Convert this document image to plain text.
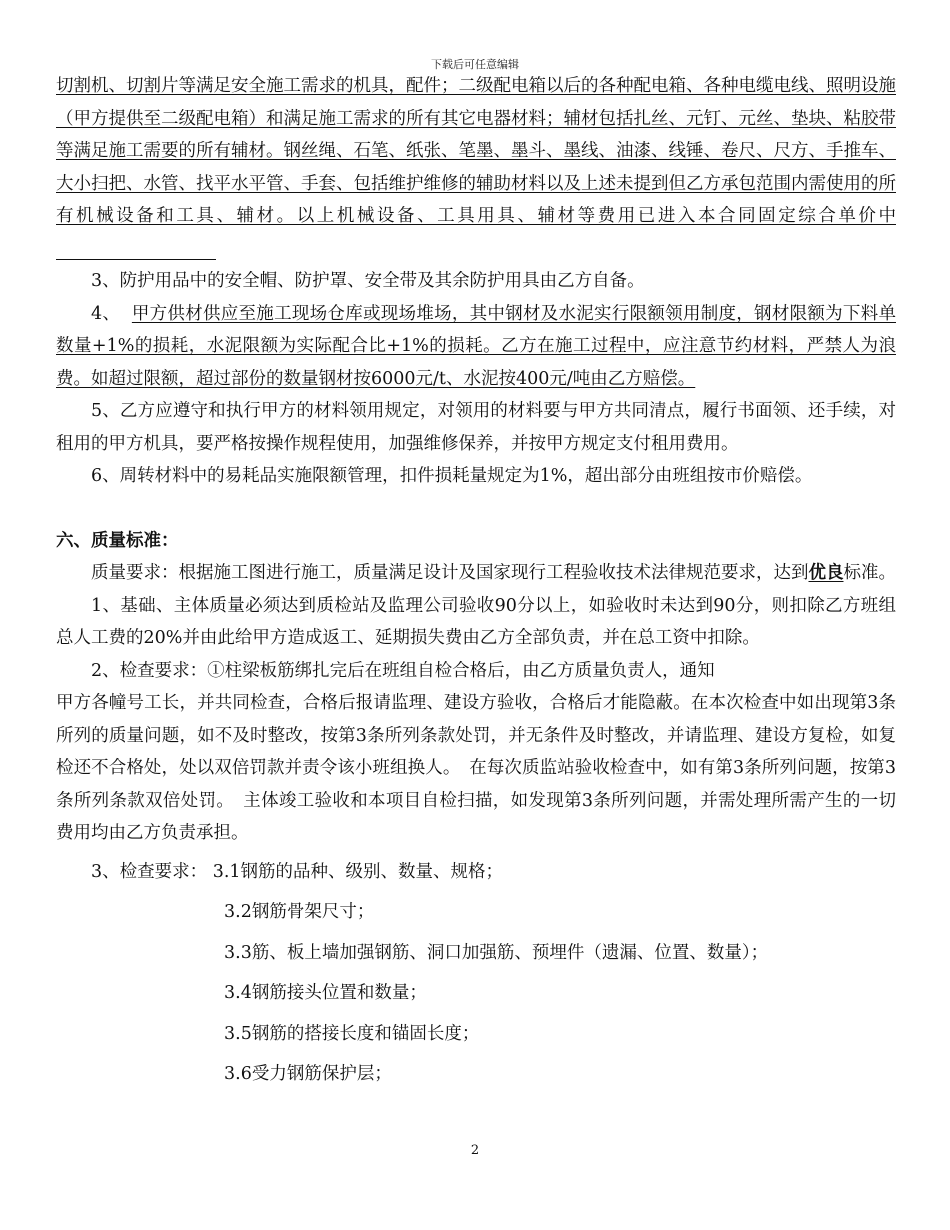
下载后可任意编辑

切割机、切割片等满足安全施工需求的机具，配件；二级配电箱以后的各种配电箱、各种电缆电线、照明设施（甲方提供至二级配电箱）和满足施工需求的所有其它电器材料；辅材包括扎丝、元钉、元丝、垫块、粘胶带等满足施工需要的所有辅材。钢丝绳、石笔、纸张、笔墨、墨斗、墨线、油漆、线锤、卷尺、尺方、手推车、大小扫把、水管、找平水平管、手套、包括维护维修的辅助材料以及上述未提到但乙方承包范围内需使用的所有机械设备和工具、辅材。以上机械设备、工具用具、辅材等费用已进入本合同固定综合单价中

3、防护用品中的安全帽、防护罩、安全带及其余防护用具由乙方自备。

4、 甲方供材供应至施工现场仓库或现场堆场，其中钢材及水泥实行限额领用制度，钢材限额为下料单数量+1%的损耗，水泥限额为实际配合比+1%的损耗。乙方在施工过程中，应注意节约材料，严禁人为浪费。如超过限额，超过部份的数量钢材按6000元/t、水泥按400元/吨由乙方赔偿。

5、乙方应遵守和执行甲方的材料领用规定，对领用的材料要与甲方共同清点，履行书面领、还手续，对租用的甲方机具，要严格按操作规程使用，加强维修保养，并按甲方规定支付租用费用。

6、周转材料中的易耗品实施限额管理，扣件损耗量规定为1%，超出部分由班组按市价赔偿。

六、质量标准：

质量要求：根据施工图进行施工，质量满足设计及国家现行工程验收技术法律规范要求，达到优良标准。

1、基础、主体质量必须达到质检站及监理公司验收90分以上，如验收时未达到90分，则扣除乙方班组总人工费的20%并由此给甲方造成返工、延期损失费由乙方全部负责，并在总工资中扣除。

2、检查要求：①柱梁板筋绑扎完后在班组自检合格后，由乙方质量负责人，通知

甲方各幢号工长，并共同检查，合格后报请监理、建设方验收，合格后才能隐蔽。在本次检查中如出现第3条所列的质量问题，如不及时整改，按第3条所列条款处罚，并无条件及时整改，并请监理、建设方复检，如复检还不合格处，处以双倍罚款并责令该小班组换人。　在每次质监站验收检查中，如有第3条所列问题，按第3条所列条款双倍处罚。　主体竣工验收和本项目自检扫描，如发现第3条所列问题，并需处理所需产生的一切费用均由乙方负责承担。

3、检查要求： 3.1钢筋的品种、级别、数量、规格；

3.2钢筋骨架尺寸；

3.3筋、板上墙加强钢筋、洞口加强筋、预埋件（遗漏、位置、数量）；

3.4钢筋接头位置和数量；

3.5钢筋的搭接长度和锚固长度；

3.6受力钢筋保护层；

2
